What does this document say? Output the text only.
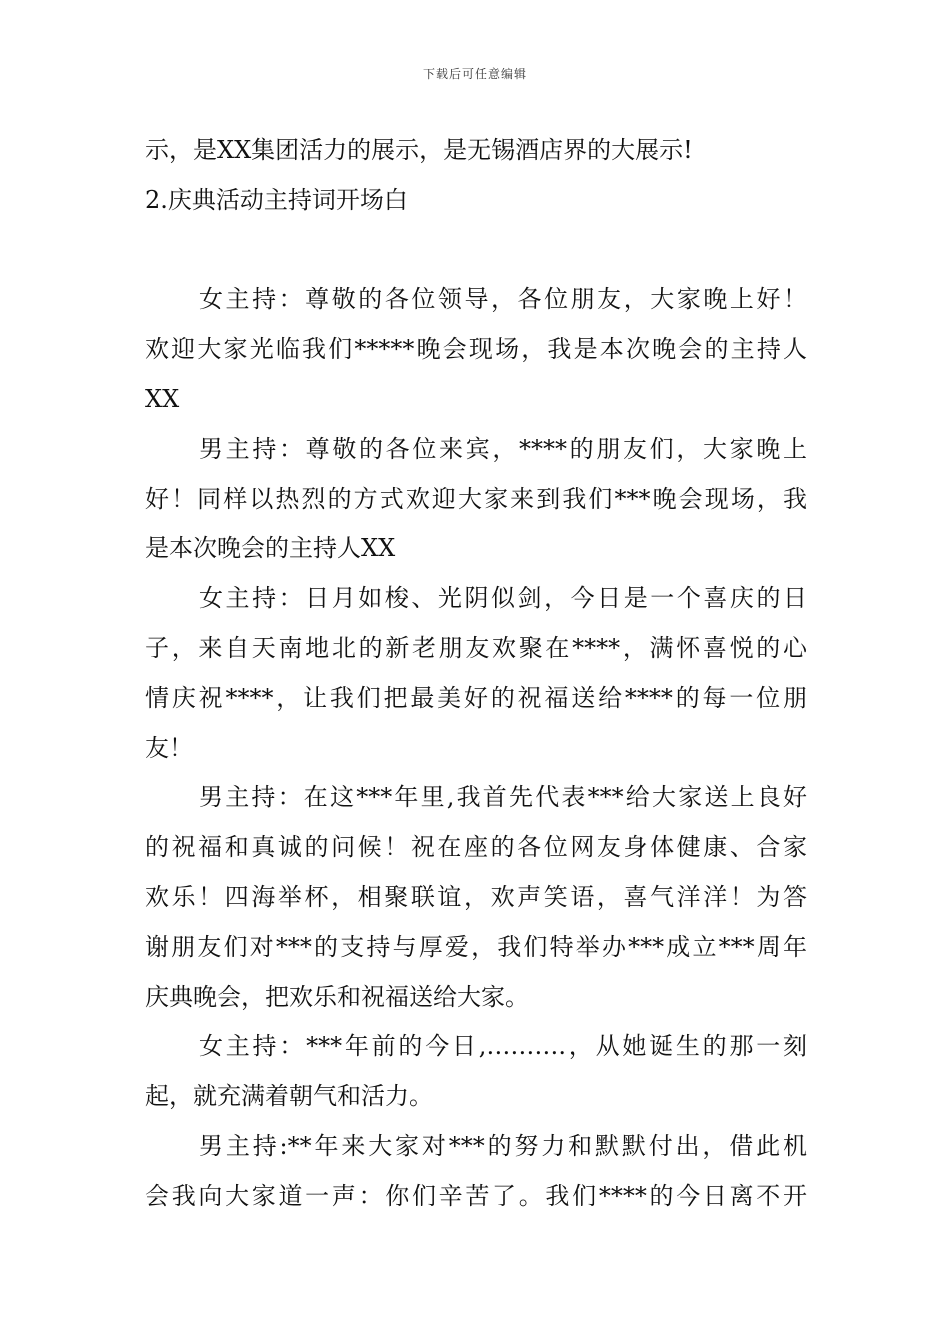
下载后可任意编辑
示，是XX集团活力的展示，是无锡酒店界的大展示!
2.庆典活动主持词开场白
女主持：尊敬的各位领导，各位朋友，大家晚上好！
欢迎大家光临我们*****晚会现场，我是本次晚会的主持人
XX
男主持：尊敬的各位来宾，****的朋友们，大家晚上
好！同样以热烈的方式欢迎大家来到我们***晚会现场，我
是本次晚会的主持人XX
女主持：日月如梭、光阴似剑，今日是一个喜庆的日
子，来自天南地北的新老朋友欢聚在****，满怀喜悦的心
情庆祝****，让我们把最美好的祝福送给****的每一位朋
友！
男主持：在这***年里,我首先代表***给大家送上良好
的祝福和真诚的问候！祝在座的各位网友身体健康、合家
欢乐！四海举杯，相聚联谊，欢声笑语，喜气洋洋！为答
谢朋友们对***的支持与厚爱，我们特举办***成立***周年
庆典晚会，把欢乐和祝福送给大家。
女主持：***年前的今日,……….，从她诞生的那一刻
起，就充满着朝气和活力。
男主持:**年来大家对***的努力和默默付出，借此机
会我向大家道一声：你们辛苦了。我们****的今日离不开
